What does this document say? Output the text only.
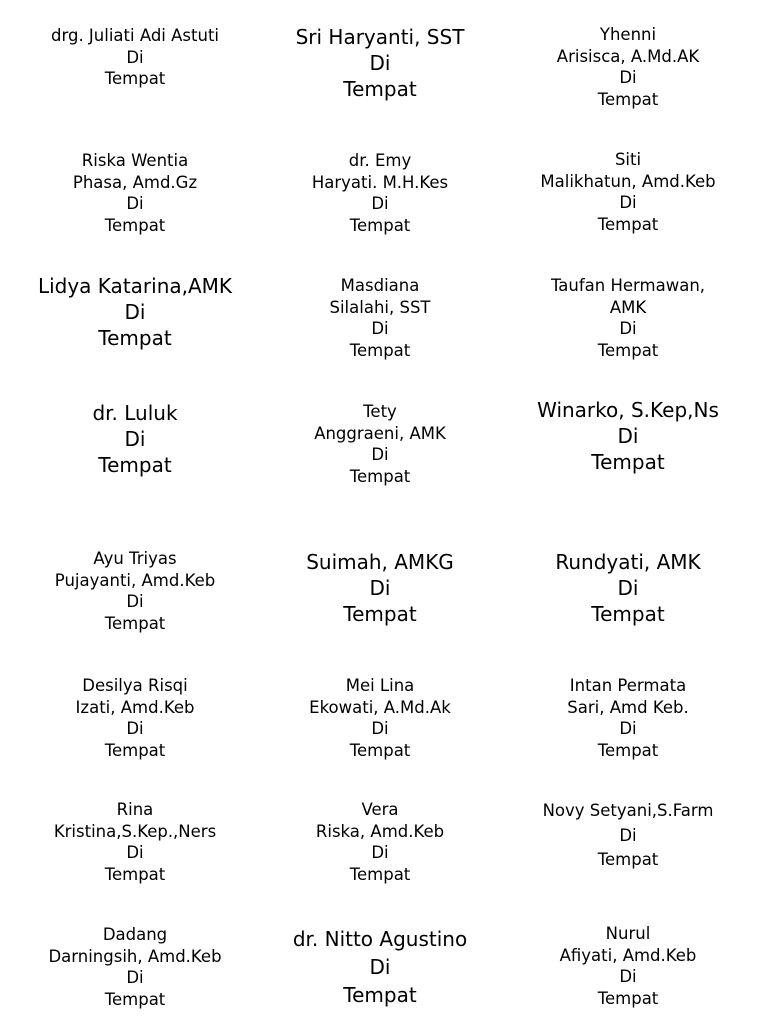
drg. Juliati Adi Astuti
Di
Tempat
Sri Haryanti, SST
Di
Tempat
Yhenni
Arisisca, A.Md.AK
Di
Tempat
Riska Wentia
Phasa, Amd.Gz
Di
Tempat
dr. Emy
Haryati. M.H.Kes
Di
Tempat
Siti
Malikhatun, Amd.Keb
Di
Tempat
Lidya Katarina,AMK
Di
Tempat
Masdiana
Silalahi, SST
Di
Tempat
Taufan Hermawan,
AMK
Di
Tempat
dr. Luluk
Di
Tempat
Tety
Anggraeni, AMK
Di
Tempat
Winarko, S.Kep,Ns
Di
Tempat
Ayu Triyas
Pujayanti, Amd.Keb
Di
Tempat
Suimah, AMKG
Di
Tempat
Rundyati, AMK
Di
Tempat
Desilya Risqi
Izati, Amd.Keb
Di
Tempat
Mei Lina
Ekowati, A.Md.Ak
Di
Tempat
Intan Permata
Sari, Amd Keb.
Di
Tempat
Rina
Kristina,S.Kep.,Ners
Di
Tempat
Vera
Riska, Amd.Keb
Di
Tempat
Novy Setyani,S.Farm
Di
Tempat
Dadang
Darningsih, Amd.Keb
Di
Tempat
dr. Nitto Agustino
Di
Tempat
Nurul
Afiyati, Amd.Keb
Di
Tempat
